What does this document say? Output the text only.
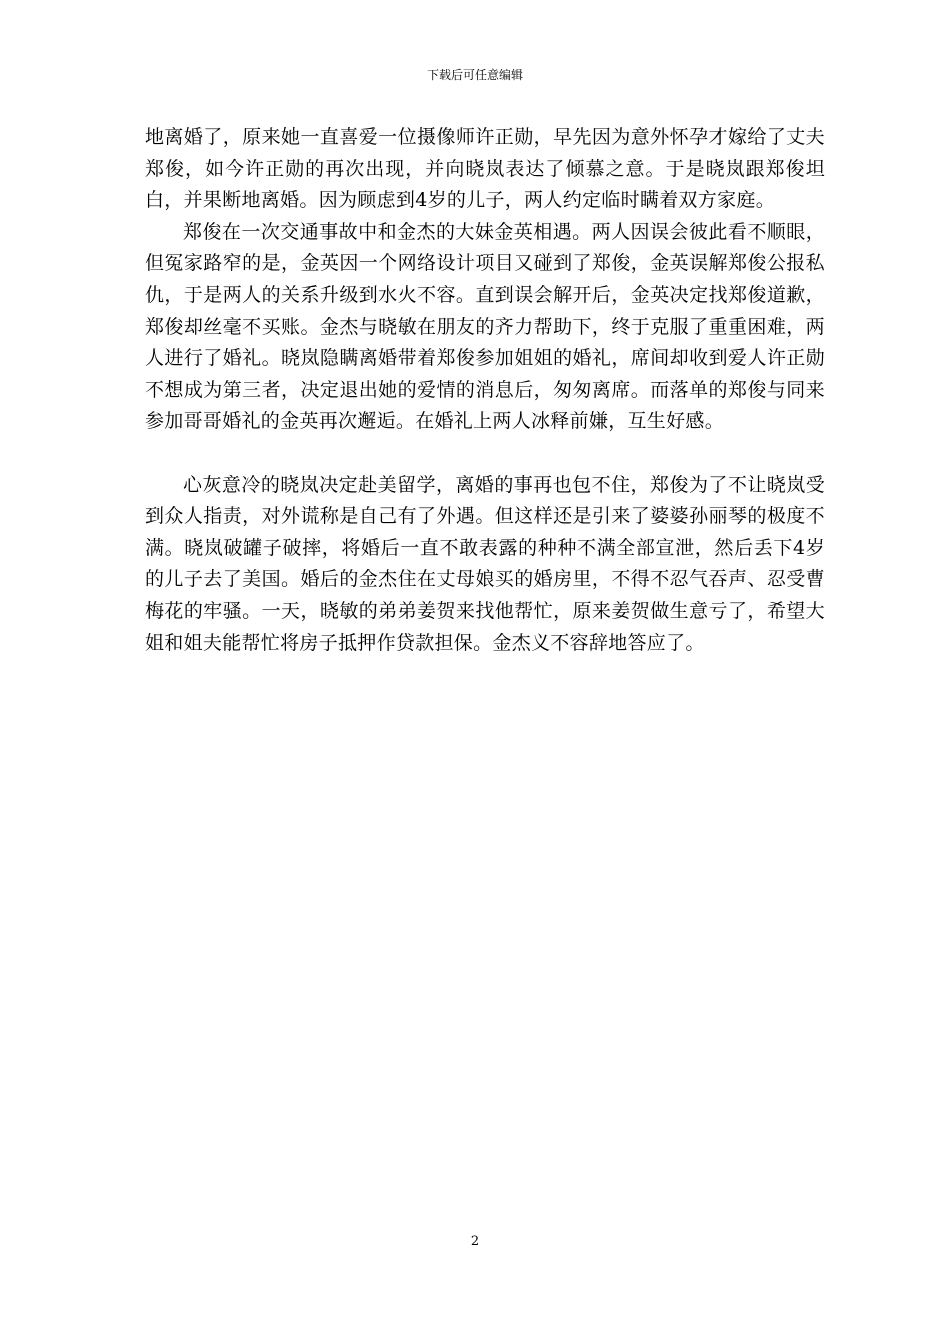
下载后可任意编辑

地离婚了，原来她一直喜爱一位摄像师许正勋，早先因为意外怀孕才嫁给了丈夫郑俊，如今许正勋的再次出现，并向晓岚表达了倾慕之意。于是晓岚跟郑俊坦白，并果断地离婚。因为顾虑到4岁的儿子，两人约定临时瞒着双方家庭。

郑俊在一次交通事故中和金杰的大妹金英相遇。两人因误会彼此看不顺眼，但冤家路窄的是，金英因一个网络设计项目又碰到了郑俊，金英误解郑俊公报私仇，于是两人的关系升级到水火不容。直到误会解开后，金英决定找郑俊道歉，郑俊却丝毫不买账。金杰与晓敏在朋友的齐力帮助下，终于克服了重重困难，两人进行了婚礼。晓岚隐瞒离婚带着郑俊参加姐姐的婚礼，席间却收到爱人许正勋不想成为第三者，决定退出她的爱情的消息后，匆匆离席。而落单的郑俊与同来参加哥哥婚礼的金英再次邂逅。在婚礼上两人冰释前嫌，互生好感。

心灰意冷的晓岚决定赴美留学，离婚的事再也包不住，郑俊为了不让晓岚受到众人指责，对外谎称是自己有了外遇。但这样还是引来了婆婆孙丽琴的极度不满。晓岚破罐子破摔，将婚后一直不敢表露的种种不满全部宣泄，然后丢下4岁的儿子去了美国。婚后的金杰住在丈母娘买的婚房里，不得不忍气吞声、忍受曹梅花的牢骚。一天，晓敏的弟弟姜贺来找他帮忙，原来姜贺做生意亏了，希望大姐和姐夫能帮忙将房子抵押作贷款担保。金杰义不容辞地答应了。

2
